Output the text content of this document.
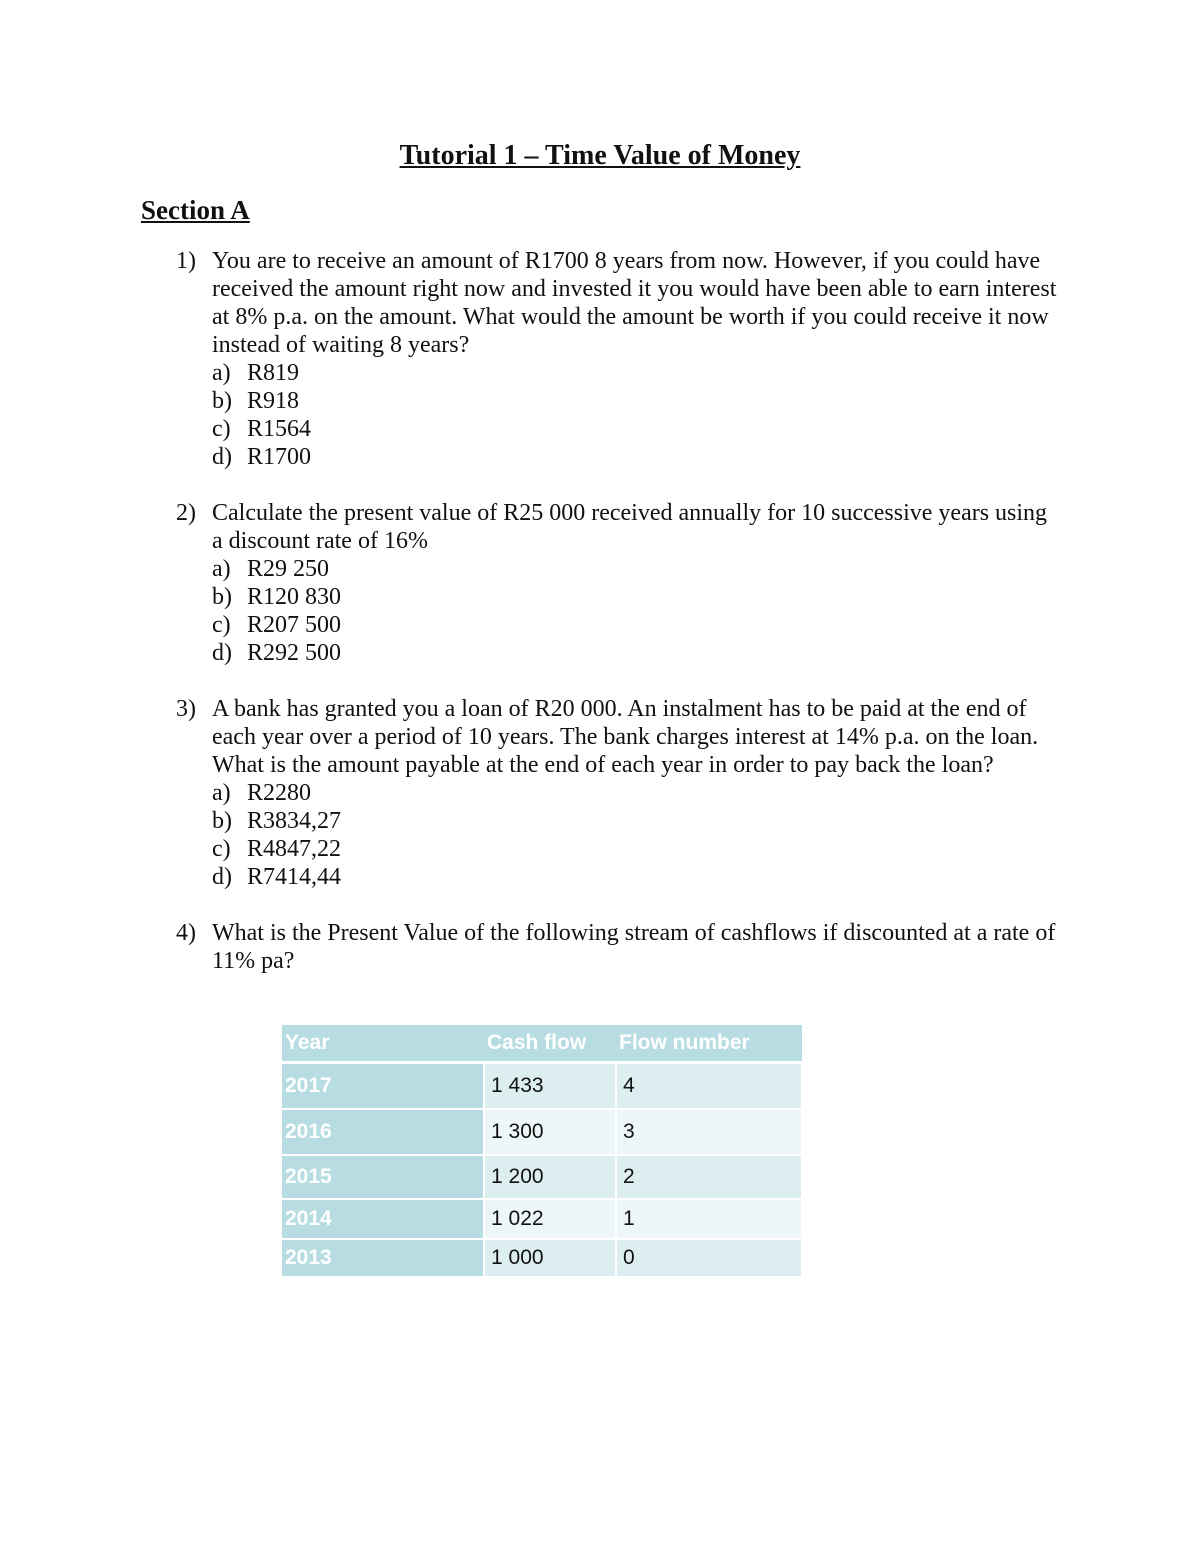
Tutorial 1 – Time Value of Money
Section A
1) You are to receive an amount of R1700 8 years from now. However, if you could have received the amount right now and invested it you would have been able to earn interest at 8% p.a. on the amount. What would the amount be worth if you could receive it now instead of waiting 8 years?
a) R819
b) R918
c) R1564
d) R1700
2) Calculate the present value of R25 000 received annually for 10 successive years using a discount rate of 16%
a) R29 250
b) R120 830
c) R207 500
d) R292 500
3) A bank has granted you a loan of R20 000. An instalment has to be paid at the end of each year over a period of 10 years. The bank charges interest at 14% p.a. on the loan. What is the amount payable at the end of each year in order to pay back the loan?
a) R2280
b) R3834,27
c) R4847,22
d) R7414,44
4) What is the Present Value of the following stream of cashflows if discounted at a rate of 11% pa?
Year	Cash flow	Flow number
2017	1 433	4
2016	1 300	3
2015	1 200	2
2014	1 022	1
2013	1 000	0
